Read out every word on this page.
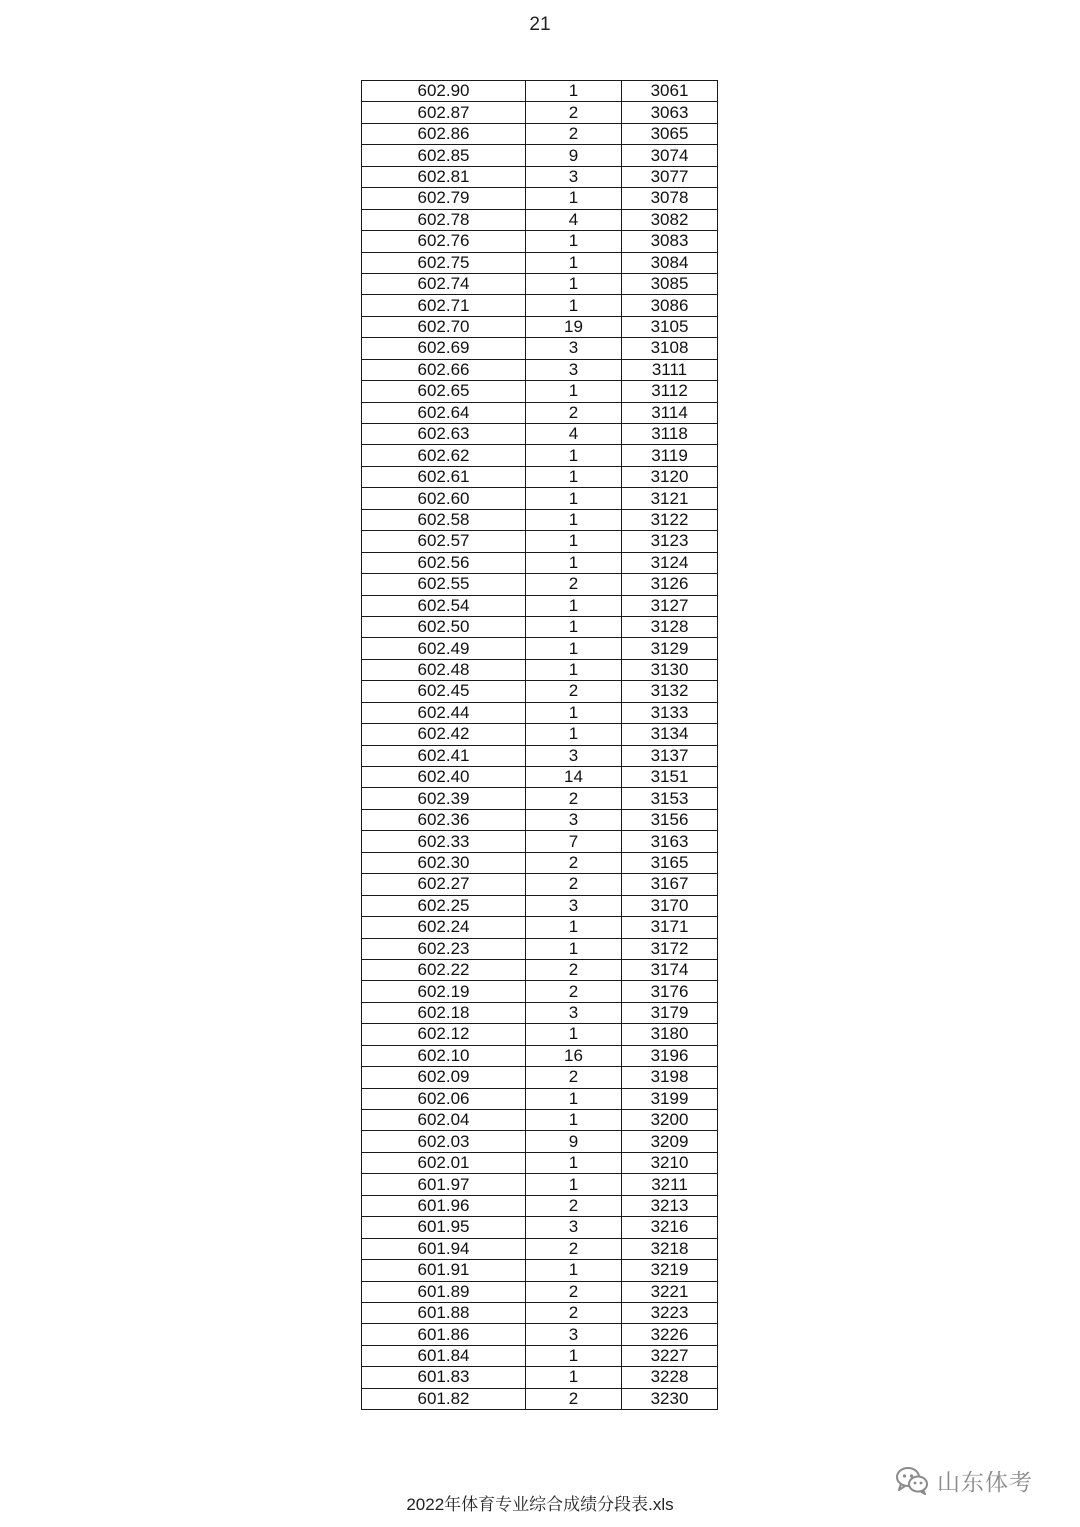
21
602.90	1	3061
602.87	2	3063
602.86	2	3065
602.85	9	3074
602.81	3	3077
602.79	1	3078
602.78	4	3082
602.76	1	3083
602.75	1	3084
602.74	1	3085
602.71	1	3086
602.70	19	3105
602.69	3	3108
602.66	3	3111
602.65	1	3112
602.64	2	3114
602.63	4	3118
602.62	1	3119
602.61	1	3120
602.60	1	3121
602.58	1	3122
602.57	1	3123
602.56	1	3124
602.55	2	3126
602.54	1	3127
602.50	1	3128
602.49	1	3129
602.48	1	3130
602.45	2	3132
602.44	1	3133
602.42	1	3134
602.41	3	3137
602.40	14	3151
602.39	2	3153
602.36	3	3156
602.33	7	3163
602.30	2	3165
602.27	2	3167
602.25	3	3170
602.24	1	3171
602.23	1	3172
602.22	2	3174
602.19	2	3176
602.18	3	3179
602.12	1	3180
602.10	16	3196
602.09	2	3198
602.06	1	3199
602.04	1	3200
602.03	9	3209
602.01	1	3210
601.97	1	3211
601.96	2	3213
601.95	3	3216
601.94	2	3218
601.91	1	3219
601.89	2	3221
601.88	2	3223
601.86	3	3226
601.84	1	3227
601.83	1	3228
601.82	2	3230
2022年体育专业综合成绩分段表.xls
山东体考
